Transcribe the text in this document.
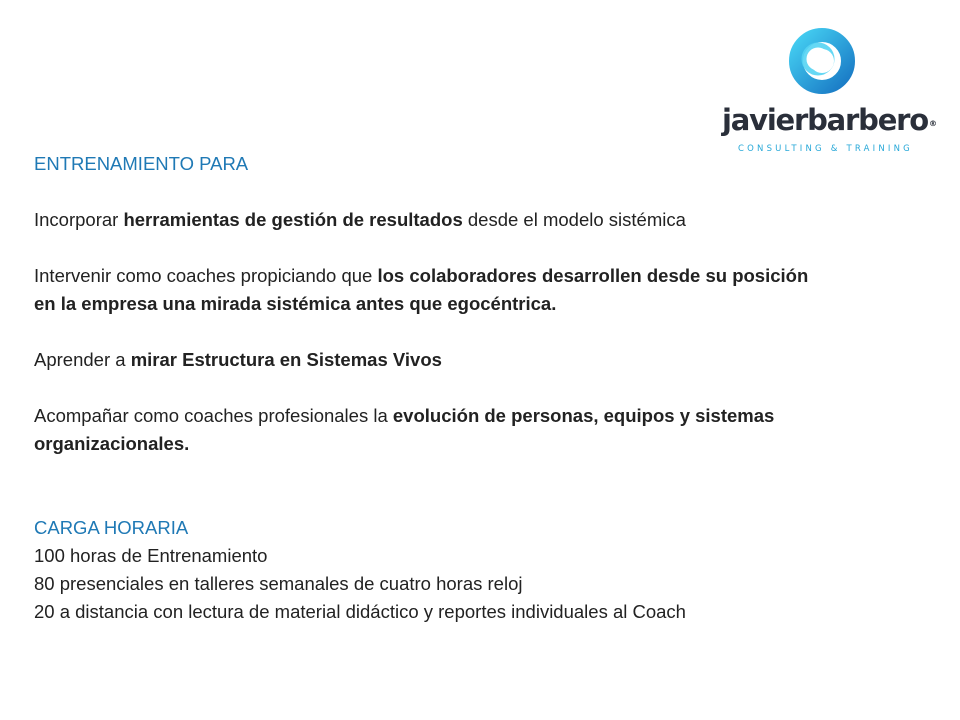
javierbarbero®
CONSULTING & TRAINING

ENTRENAMIENTO PARA

Incorporar herramientas de gestión de resultados desde el modelo sistémica

Intervenir como coaches propiciando que los colaboradores desarrollen desde su posición en la empresa una mirada sistémica antes que egocéntrica.

Aprender a mirar Estructura en Sistemas Vivos

Acompañar como coaches profesionales la evolución de personas, equipos y sistemas organizacionales.

CARGA HORARIA

100 horas de Entrenamiento

80 presenciales en talleres semanales de cuatro horas reloj

20 a distancia con lectura de material didáctico y reportes individuales al Coach
